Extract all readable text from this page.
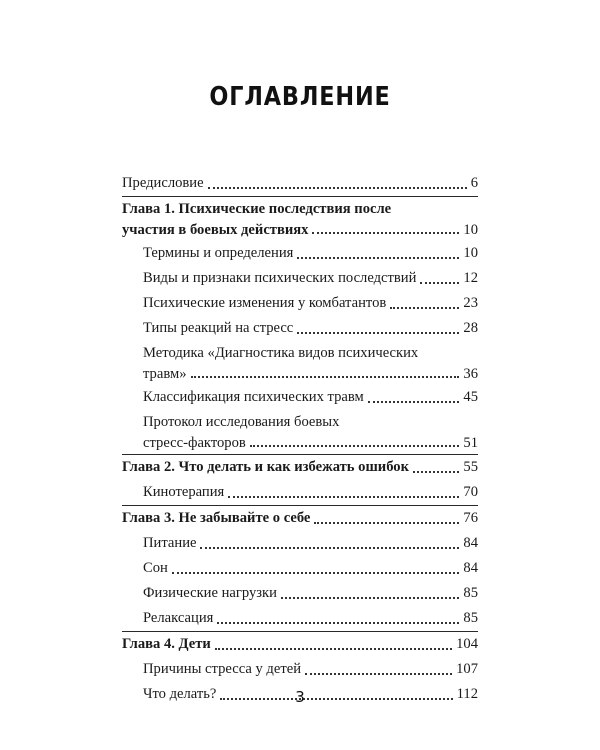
ОГЛАВЛЕНИЕ
Предисловие	6
Глава 1. Психические последствия после
участия в боевых действиях	10
Термины и определения	10
Виды и признаки психических последствий	12
Психические изменения у комбатантов	23
Типы реакций на стресс	28
Методика «Диагностика видов психических
травм»	36
Классификация психических травм	45
Протокол исследования боевых
стресс-факторов	51
Глава 2. Что делать и как избежать ошибок	55
Кинотерапия	70
Глава 3. Не забывайте о себе	76
Питание	84
Сон	84
Физические нагрузки	85
Релаксация	85
Глава 4. Дети	104
Причины стресса у детей	107
Что делать?	112
3
